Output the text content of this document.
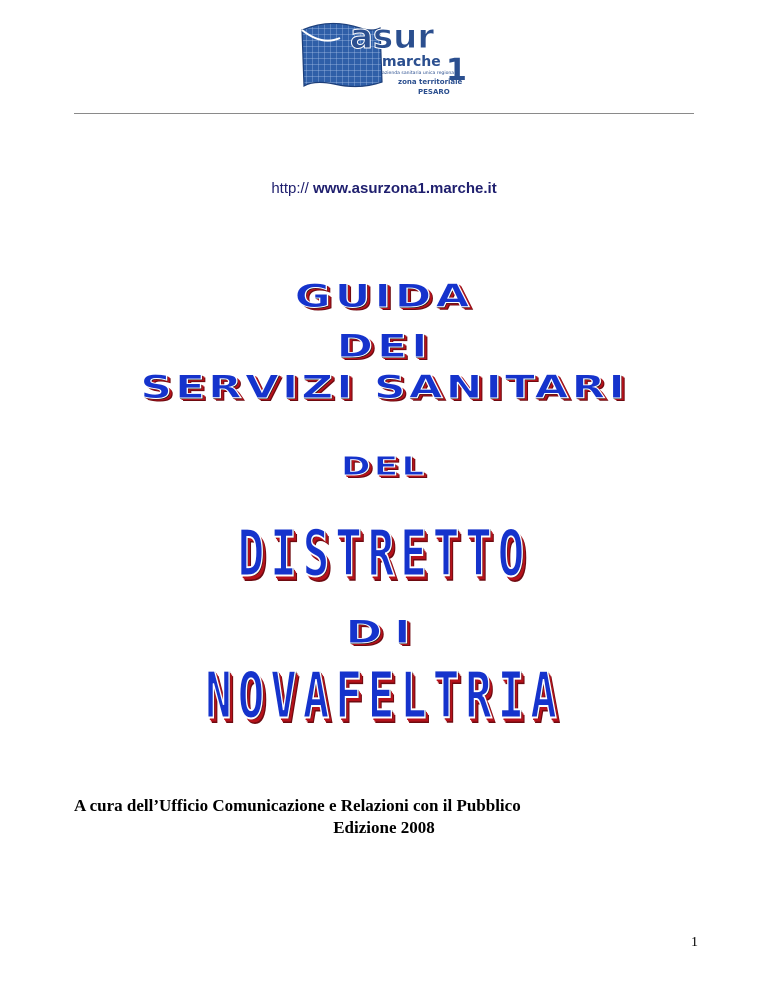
asur
marche 1
azienda sanitaria unica regionale
zona territoriale
PESARO
http:// www.asurzona1.marche.it
GUIDA
DEI
SERVIZI SANITARI
DEL
DISTRETTO
DI
NOVAFELTRIA
A cura dell’Ufficio Comunicazione e Relazioni con il Pubblico
Edizione 2008
1
